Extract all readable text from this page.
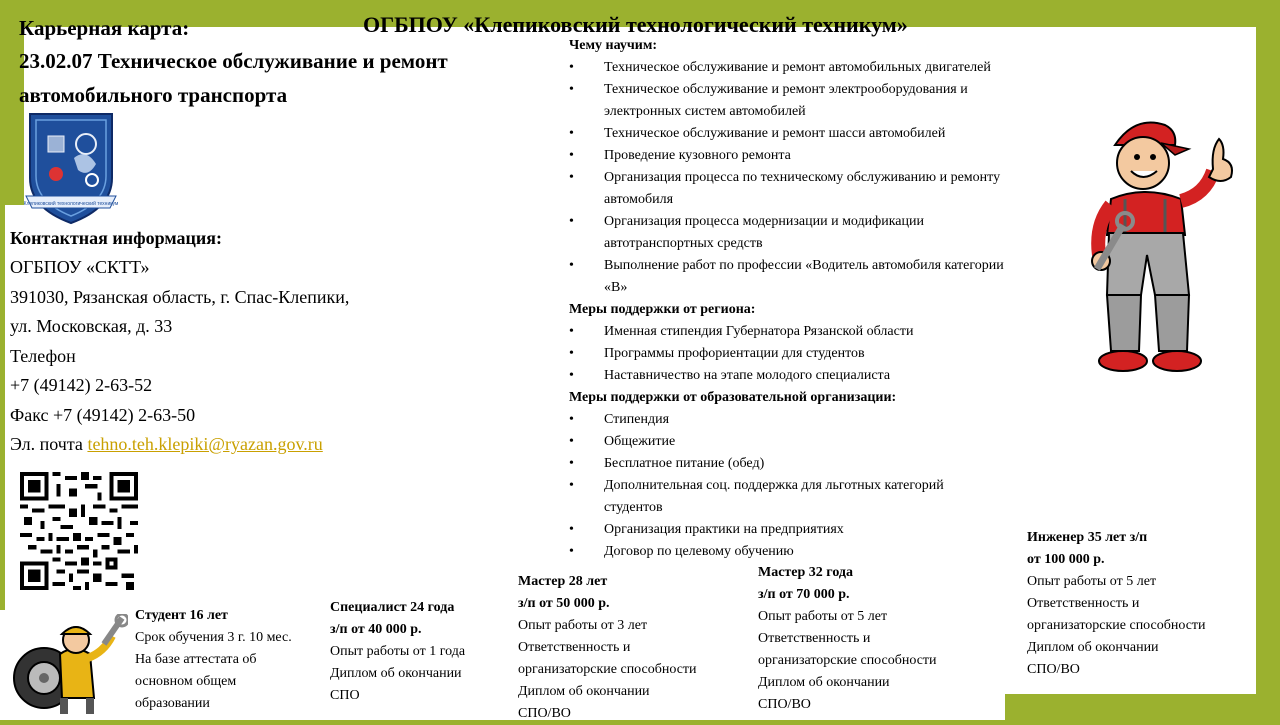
Карьерная карта:	ОГБПОУ «Клепиковский технологический техникум»
23.02.07 Техническое обслуживание и ремонт
автомобильного транспорта
Клепиковский технологический техникум
Контактная информация:
ОГБПОУ «СКТТ»
391030, Рязанская область, г. Спас-Клепики,
ул. Московская, д. 33
Телефон
+7 (49142) 2-63-52
Факс +7 (49142) 2-63-50
Эл. почта tehno.teh.klepiki@ryazan.gov.ru
Чему научим:
• Техническое обслуживание и ремонт автомобильных двигателей
• Техническое обслуживание и ремонт электрооборудования и электронных систем автомобилей
• Техническое обслуживание и ремонт шасси автомобилей
• Проведение кузовного ремонта
• Организация процесса по техническому обслуживанию и ремонту автомобиля
• Организация процесса модернизации и модификации автотранспортных средств
• Выполнение работ по профессии «Водитель автомобиля категории «В»
Меры поддержки от региона:
• Именная стипендия Губернатора Рязанской области
• Программы профориентации для студентов
• Наставничество на этапе молодого специалиста
Меры поддержки от образовательной организации:
• Стипендия
• Общежитие
• Бесплатное питание (обед)
• Дополнительная соц. поддержка для льготных категорий студентов
• Организация практики на предприятиях
• Договор по целевому обучению
Студент 16 лет
Срок обучения 3 г. 10 мес.
На базе аттестата об
основном общем
образовании
Специалист 24 года
з/п от 40 000 р.
Опыт работы от 1 года
Диплом об окончании
СПО
Мастер 28 лет
з/п от 50 000 р.
Опыт работы от 3 лет
Ответственность и
организаторские способности
Диплом об окончании
СПО/ВО
Мастер 32 года
з/п от 70 000 р.
Опыт работы от 5 лет
Ответственность и
организаторские способности
Диплом об окончании
СПО/ВО
Инженер 35 лет з/п
от 100 000 р.
Опыт работы от 5 лет
Ответственность и
организаторские способности
Диплом об окончании
СПО/ВО
